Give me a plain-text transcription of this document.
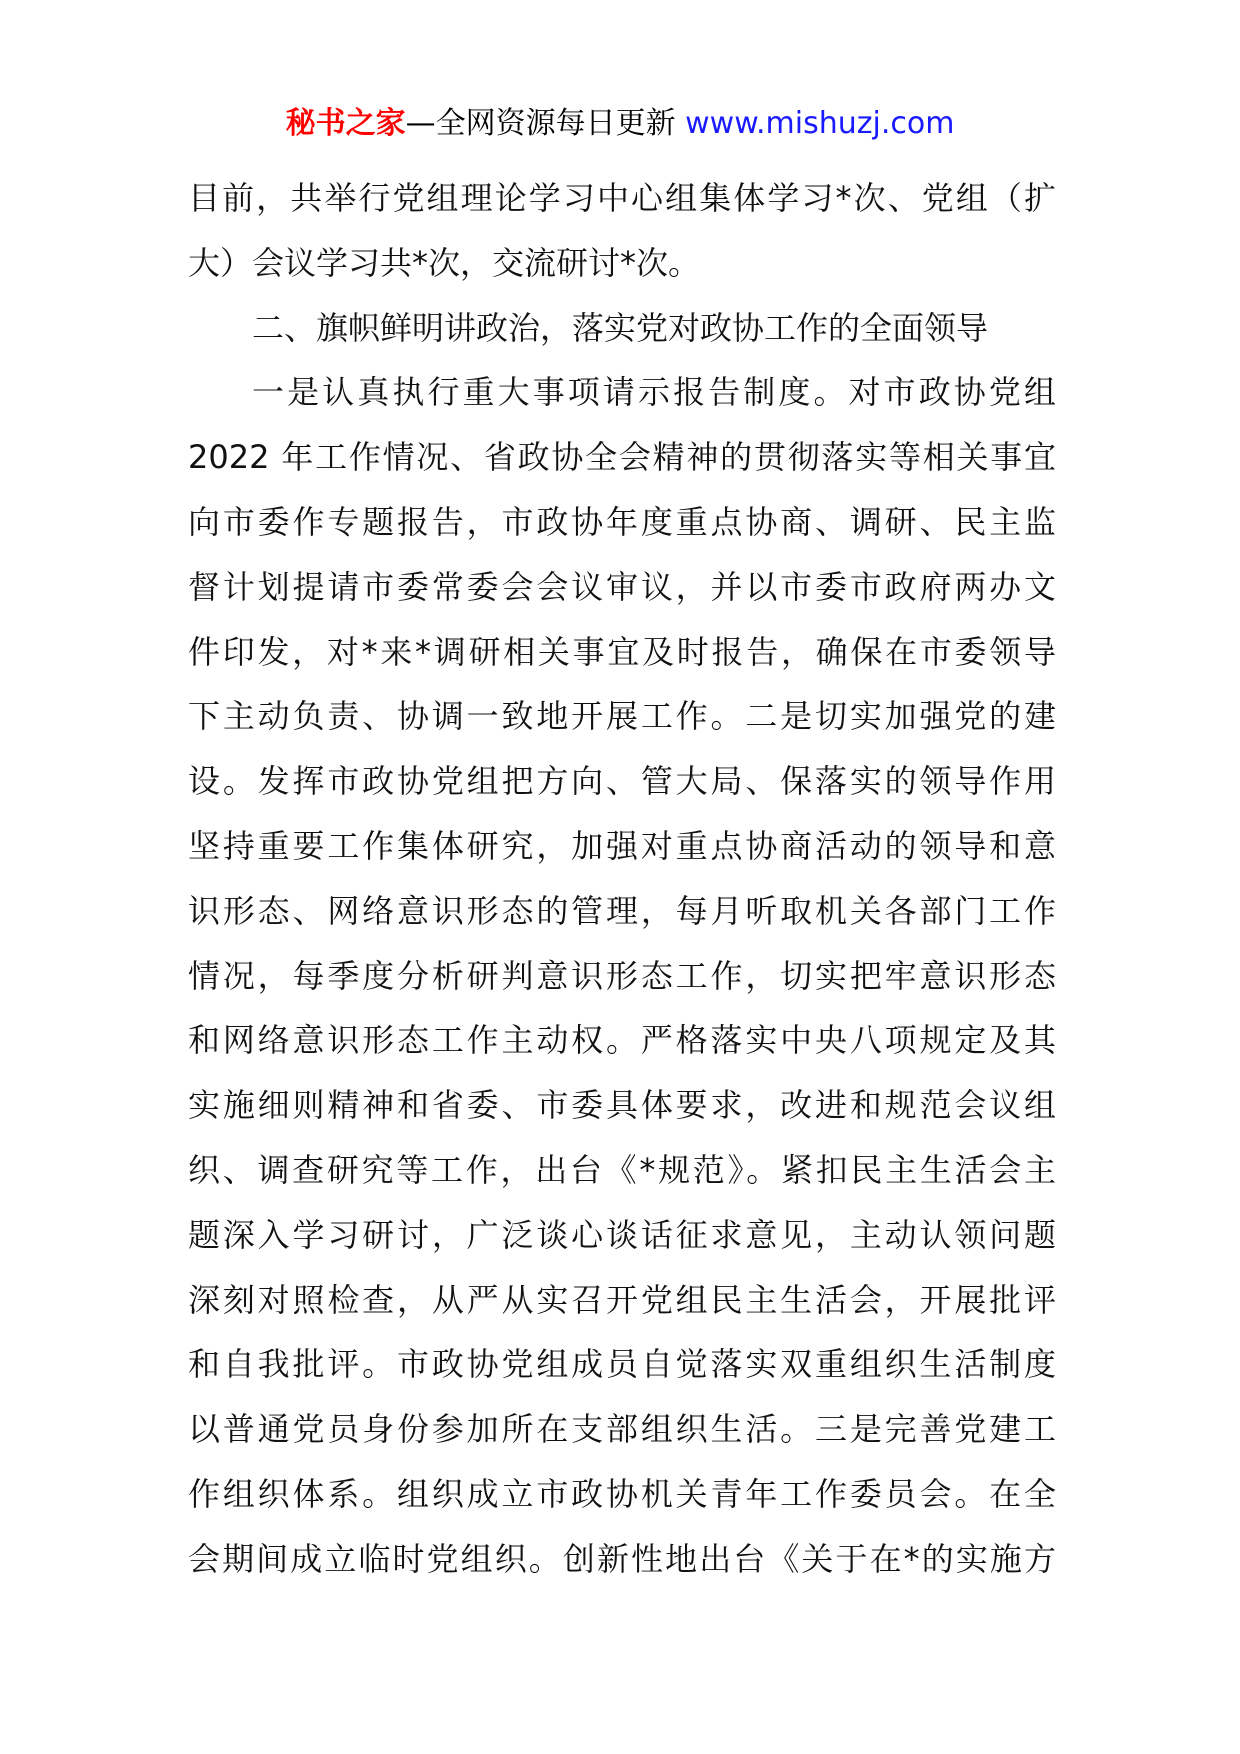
秘书之家—全网资源每日更新 www.mishuzj.com
目前，共举行党组理论学习中心组集体学习*次、党组（扩
大）会议学习共*次，交流研讨*次。
二、旗帜鲜明讲政治，落实党对政协工作的全面领导
一是认真执行重大事项请示报告制度。对市政协党组
2022 年工作情况、省政协全会精神的贯彻落实等相关事宜
向市委作专题报告，市政协年度重点协商、调研、民主监
督计划提请市委常委会会议审议，并以市委市政府两办文
件印发，对*来*调研相关事宜及时报告，确保在市委领导
下主动负责、协调一致地开展工作。二是切实加强党的建
设。发挥市政协党组把方向、管大局、保落实的领导作用
坚持重要工作集体研究，加强对重点协商活动的领导和意
识形态、网络意识形态的管理，每月听取机关各部门工作
情况，每季度分析研判意识形态工作，切实把牢意识形态
和网络意识形态工作主动权。严格落实中央八项规定及其
实施细则精神和省委、市委具体要求，改进和规范会议组
织、调查研究等工作，出台《*规范》。紧扣民主生活会主
题深入学习研讨，广泛谈心谈话征求意见，主动认领问题
深刻对照检查，从严从实召开党组民主生活会，开展批评
和自我批评。市政协党组成员自觉落实双重组织生活制度
以普通党员身份参加所在支部组织生活。三是完善党建工
作组织体系。组织成立市政协机关青年工作委员会。在全
会期间成立临时党组织。创新性地出台《关于在*的实施方
